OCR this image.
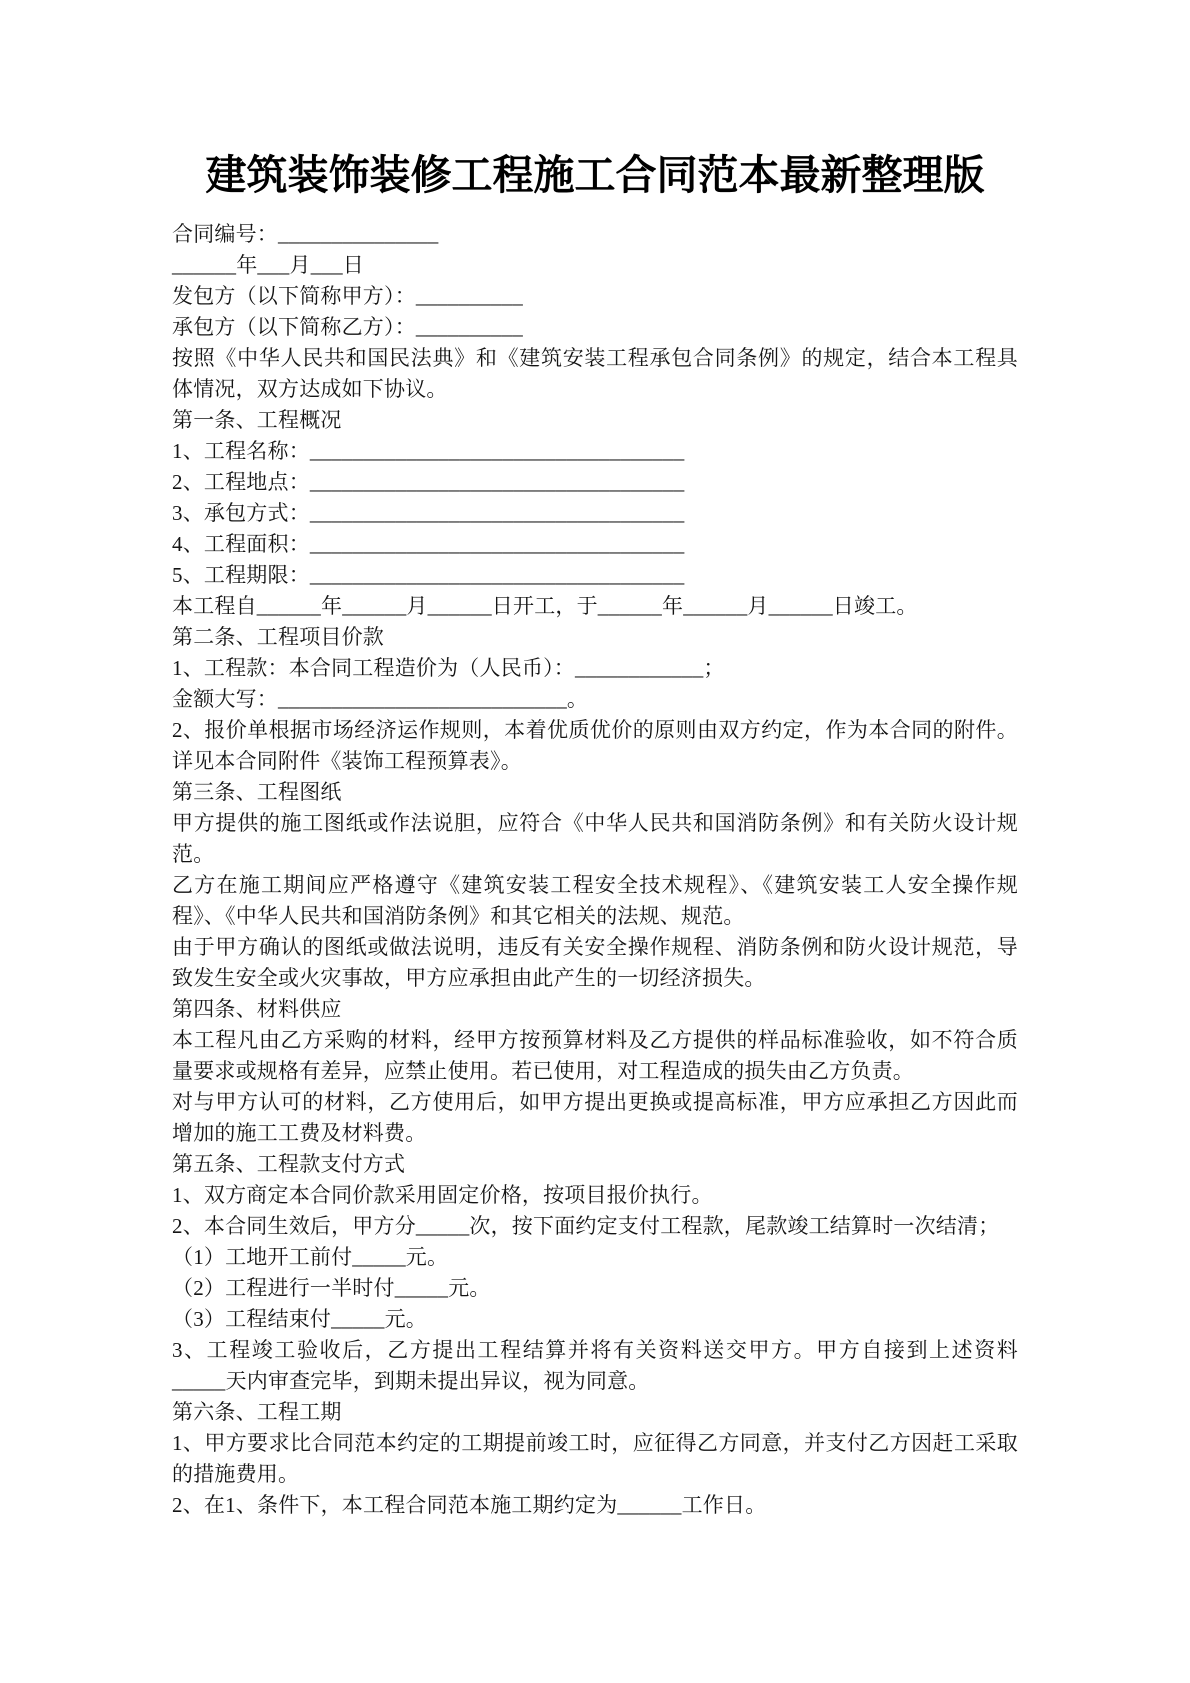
建筑装饰装修工程施工合同范本最新整理版

合同编号：_______________

______年___月___日

发包方（以下简称甲方）：__________

承包方（以下简称乙方）：__________

按照《中华人民共和国民法典》和《建筑安装工程承包合同条例》的规定，结合本工程具体情况，双方达成如下协议。

第一条、工程概况

1、工程名称：___________________________________

2、工程地点：___________________________________

3、承包方式：___________________________________

4、工程面积：___________________________________

5、工程期限：___________________________________

本工程自______年______月______日开工，于______年______月______日竣工。

第二条、工程项目价款

1、工程款：本合同工程造价为（人民币）：____________；

金额大写：___________________________。

2、报价单根据市场经济运作规则，本着优质优价的原则由双方约定，作为本合同的附件。详见本合同附件《装饰工程预算表》。

第三条、工程图纸

甲方提供的施工图纸或作法说胆，应符合《中华人民共和国消防条例》和有关防火设计规范。

乙方在施工期间应严格遵守《建筑安装工程安全技术规程》、《建筑安装工人安全操作规程》、《中华人民共和国消防条例》和其它相关的法规、规范。

由于甲方确认的图纸或做法说明，违反有关安全操作规程、消防条例和防火设计规范，导致发生安全或火灾事故，甲方应承担由此产生的一切经济损失。

第四条、材料供应

本工程凡由乙方采购的材料，经甲方按预算材料及乙方提供的样品标准验收，如不符合质量要求或规格有差异，应禁止使用。若已使用，对工程造成的损失由乙方负责。

对与甲方认可的材料，乙方使用后，如甲方提出更换或提高标准，甲方应承担乙方因此而增加的施工工费及材料费。

第五条、工程款支付方式

1、双方商定本合同价款采用固定价格，按项目报价执行。

2、本合同生效后，甲方分_____次，按下面约定支付工程款，尾款竣工结算时一次结清；

（1）工地开工前付_____元。

（2）工程进行一半时付_____元。

（3）工程结束付_____元。

3、工程竣工验收后，乙方提出工程结算并将有关资料送交甲方。甲方自接到上述资料_____天内审查完毕，到期未提出异议，视为同意。

第六条、工程工期

1、甲方要求比合同范本约定的工期提前竣工时，应征得乙方同意，并支付乙方因赶工采取的措施费用。

2、在1、条件下，本工程合同范本施工期约定为______工作日。
